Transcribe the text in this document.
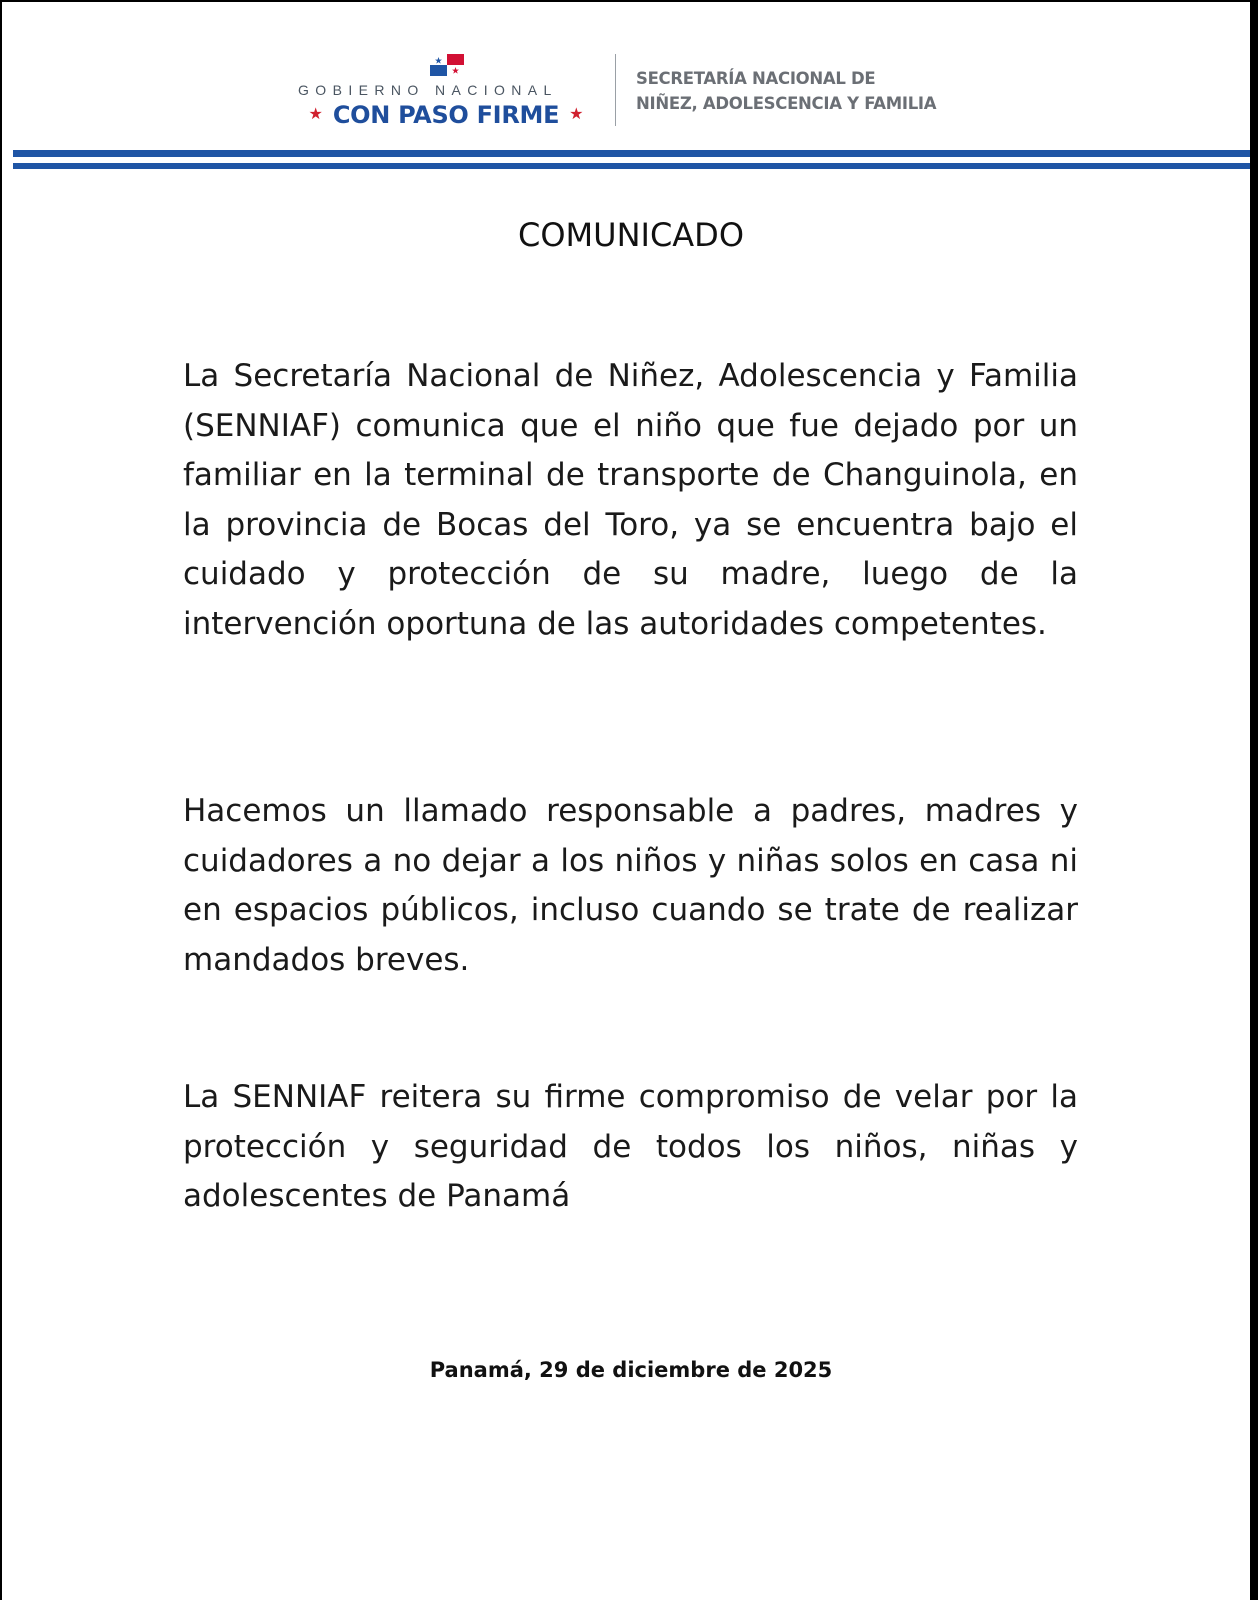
GOBIERNO NACIONAL
★ CON PASO FIRME ★
SECRETARÍA NACIONAL DE
NIÑEZ, ADOLESCENCIA Y FAMILIA
COMUNICADO

La Secretaría Nacional de Niñez, Adolescencia y Familia (SENNIAF) comunica que el niño que fue dejado por un familiar en la terminal de transporte de Changuinola, en la provincia de Bocas del Toro, ya se encuentra bajo el cuidado y protección de su madre, luego de la intervención oportuna de las autoridades competentes.

Hacemos un llamado responsable a padres, madres y cuidadores a no dejar a los niños y niñas solos en casa ni en espacios públicos, incluso cuando se trate de realizar mandados breves.

La SENNIAF reitera su firme compromiso de velar por la protección y seguridad de todos los niños, niñas y adolescentes de Panamá

Panamá, 29 de diciembre de 2025
